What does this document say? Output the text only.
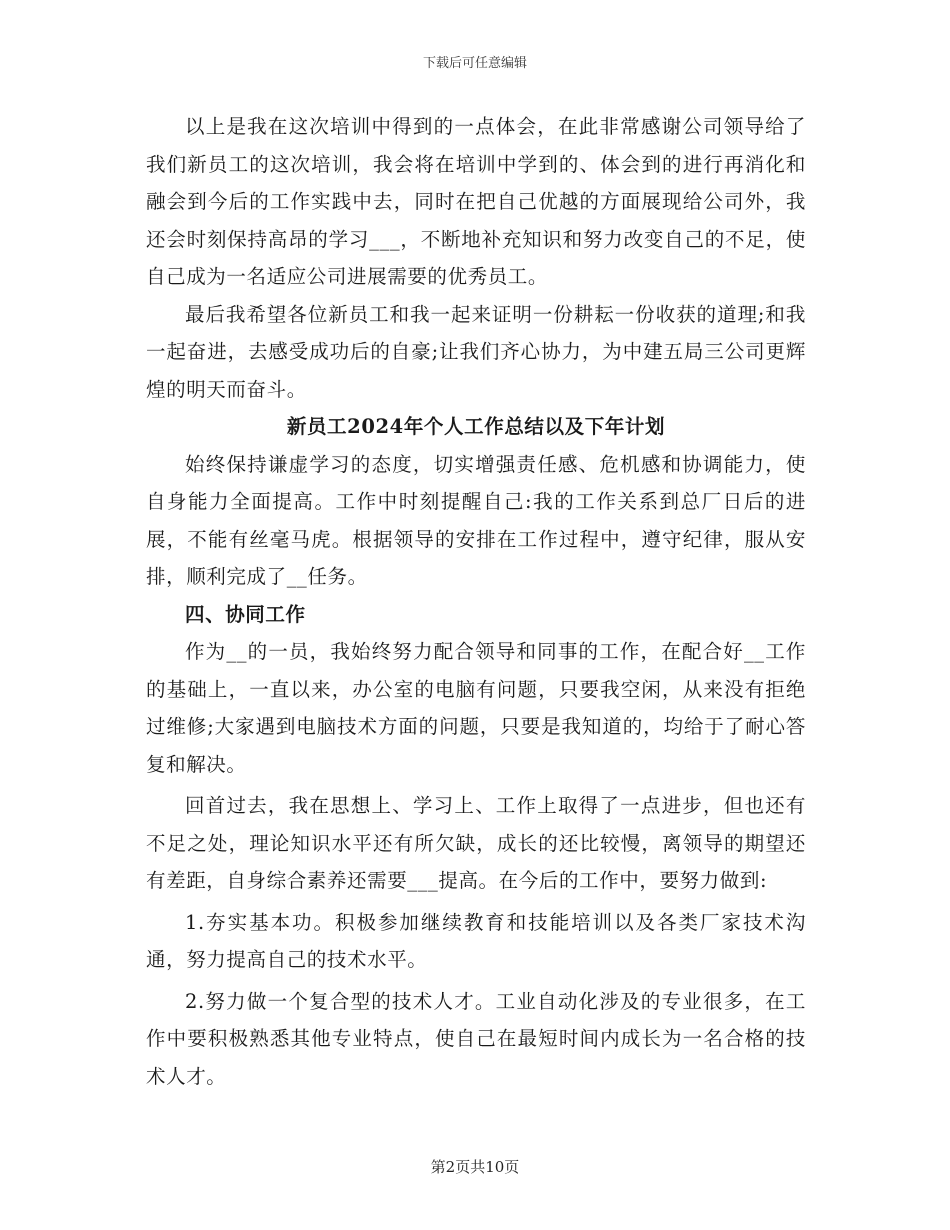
下载后可任意编辑

以上是我在这次培训中得到的一点体会，在此非常感谢公司领导给了我们新员工的这次培训，我会将在培训中学到的、体会到的进行再消化和融会到今后的工作实践中去，同时在把自己优越的方面展现给公司外，我还会时刻保持高昂的学习___，不断地补充知识和努力改变自己的不足，使自己成为一名适应公司进展需要的优秀员工。

最后我希望各位新员工和我一起来证明一份耕耘一份收获的道理;和我一起奋进，去感受成功后的自豪;让我们齐心协力，为中建五局三公司更辉煌的明天而奋斗。

新员工2024年个人工作总结以及下年计划

始终保持谦虚学习的态度，切实增强责任感、危机感和协调能力，使自身能力全面提高。工作中时刻提醒自己:我的工作关系到总厂日后的进展，不能有丝毫马虎。根据领导的安排在工作过程中，遵守纪律，服从安排，顺利完成了__任务。

四、协同工作

作为__的一员，我始终努力配合领导和同事的工作，在配合好__工作的基础上，一直以来，办公室的电脑有问题，只要我空闲，从来没有拒绝过维修;大家遇到电脑技术方面的问题，只要是我知道的，均给于了耐心答复和解决。

回首过去，我在思想上、学习上、工作上取得了一点进步，但也还有不足之处，理论知识水平还有所欠缺，成长的还比较慢，离领导的期望还有差距，自身综合素养还需要___提高。在今后的工作中，要努力做到:

1.夯实基本功。积极参加继续教育和技能培训以及各类厂家技术沟通，努力提高自己的技术水平。

2.努力做一个复合型的技术人才。工业自动化涉及的专业很多，在工作中要积极熟悉其他专业特点，使自己在最短时间内成长为一名合格的技术人才。

第2页共10页
